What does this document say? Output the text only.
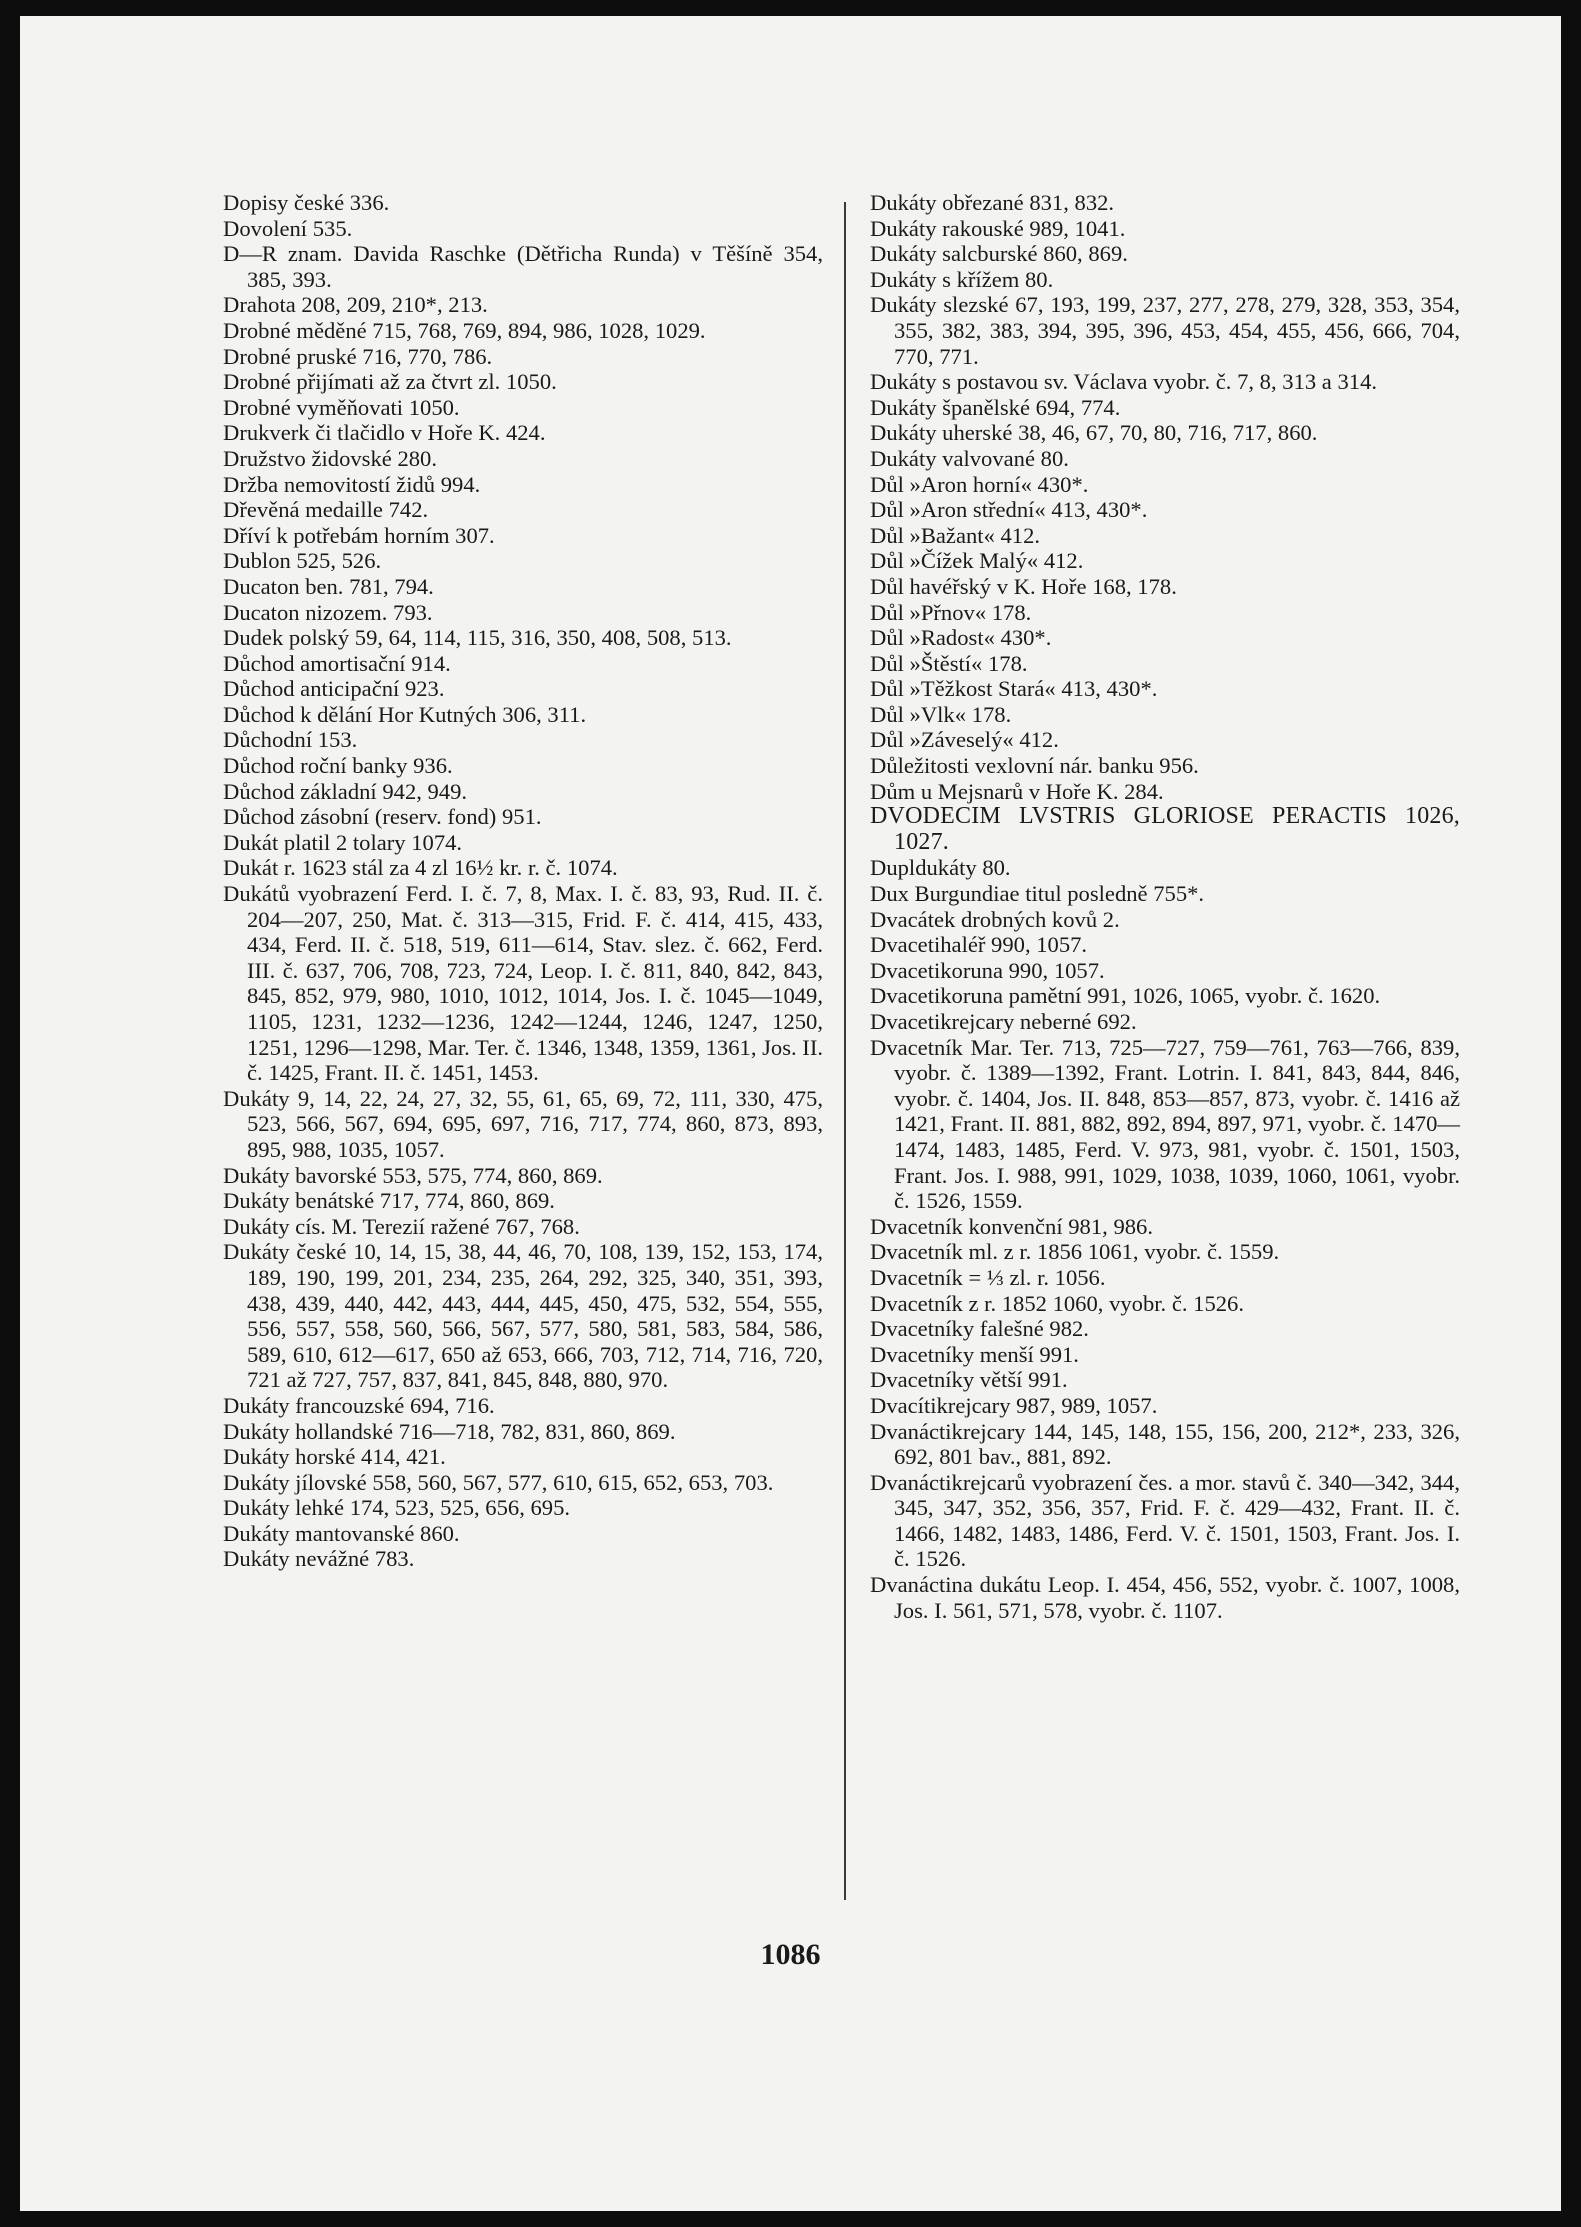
Dopisy české 336.

Dovolení 535.

D—R znam. Davida Raschke (Dětřicha Runda) v Těšíně 354, 385, 393.

Drahota 208, 209, 210*, 213.

Drobné měděné 715, 768, 769, 894, 986, 1028, 1029.

Drobné pruské 716, 770, 786.

Drobné přijímati až za čtvrt zl. 1050.

Drobné vyměňovati 1050.

Drukverk či tlačidlo v Hoře K. 424.

Družstvo židovské 280.

Držba nemovitostí židů 994.

Dřevěná medaille 742.

Dříví k potřebám horním 307.

Dublon 525, 526.

Ducaton ben. 781, 794.

Ducaton nizozem. 793.

Dudek polský 59, 64, 114, 115, 316, 350, 408, 508, 513.

Důchod amortisační 914.

Důchod anticipační 923.

Důchod k dělání Hor Kutných 306, 311.

Důchodní 153.

Důchod roční banky 936.

Důchod základní 942, 949.

Důchod zásobní (reserv. fond) 951.

Dukát platil 2 tolary 1074.

Dukát r. 1623 stál za 4 zl 16½ kr. r. č. 1074.

Dukátů vyobrazení Ferd. I. č. 7, 8, Max. I. č. 83, 93, Rud. II. č. 204—207, 250, Mat. č. 313—315, Frid. F. č. 414, 415, 433, 434, Ferd. II. č. 518, 519, 611—614, Stav. slez. č. 662, Ferd. III. č. 637, 706, 708, 723, 724, Leop. I. č. 811, 840, 842, 843, 845, 852, 979, 980, 1010, 1012, 1014, Jos. I. č. 1045—1049, 1105, 1231, 1232—1236, 1242—1244, 1246, 1247, 1250, 1251, 1296—1298, Mar. Ter. č. 1346, 1348, 1359, 1361, Jos. II. č. 1425, Frant. II. č. 1451, 1453.

Dukáty 9, 14, 22, 24, 27, 32, 55, 61, 65, 69, 72, 111, 330, 475, 523, 566, 567, 694, 695, 697, 716, 717, 774, 860, 873, 893, 895, 988, 1035, 1057.

Dukáty bavorské 553, 575, 774, 860, 869.

Dukáty benátské 717, 774, 860, 869.

Dukáty cís. M. Terezií ražené 767, 768.

Dukáty české 10, 14, 15, 38, 44, 46, 70, 108, 139, 152, 153, 174, 189, 190, 199, 201, 234, 235, 264, 292, 325, 340, 351, 393, 438, 439, 440, 442, 443, 444, 445, 450, 475, 532, 554, 555, 556, 557, 558, 560, 566, 567, 577, 580, 581, 583, 584, 586, 589, 610, 612—617, 650 až 653, 666, 703, 712, 714, 716, 720, 721 až 727, 757, 837, 841, 845, 848, 880, 970.

Dukáty francouzské 694, 716.

Dukáty hollandské 716—718, 782, 831, 860, 869.

Dukáty horské 414, 421.

Dukáty jílovské 558, 560, 567, 577, 610, 615, 652, 653, 703.

Dukáty lehké 174, 523, 525, 656, 695.

Dukáty mantovanské 860.

Dukáty nevážné 783.

Dukáty obřezané 831, 832.

Dukáty rakouské 989, 1041.

Dukáty salcburské 860, 869.

Dukáty s křížem 80.

Dukáty slezské 67, 193, 199, 237, 277, 278, 279, 328, 353, 354, 355, 382, 383, 394, 395, 396, 453, 454, 455, 456, 666, 704, 770, 771.

Dukáty s postavou sv. Václava vyobr. č. 7, 8, 313 a 314.

Dukáty španělské 694, 774.

Dukáty uherské 38, 46, 67, 70, 80, 716, 717, 860.

Dukáty valvované 80.

Důl »Aron horní« 430*.

Důl »Aron střední« 413, 430*.

Důl »Bažant« 412.

Důl »Čížek Malý« 412.

Důl havéřský v K. Hoře 168, 178.

Důl »Přnov« 178.

Důl »Radost« 430*.

Důl »Štěstí« 178.

Důl »Těžkost Stará« 413, 430*.

Důl »Vlk« 178.

Důl »Záveselý« 412.

Důležitosti vexlovní nár. banku 956.

Dům u Mejsnarů v Hoře K. 284.

DVODECIM LVSTRIS GLORIOSE PERACTIS 1026, 1027.

Dupldukáty 80.

Dux Burgundiae titul posledně 755*.

Dvacátek drobných kovů 2.

Dvacetihaléř 990, 1057.

Dvacetikoruna 990, 1057.

Dvacetikoruna pamětní 991, 1026, 1065, vyobr. č. 1620.

Dvacetikrejcary neberné 692.

Dvacetník Mar. Ter. 713, 725—727, 759—761, 763—766, 839, vyobr. č. 1389—1392, Frant. Lotrin. I. 841, 843, 844, 846, vyobr. č. 1404, Jos. II. 848, 853—857, 873, vyobr. č. 1416 až 1421, Frant. II. 881, 882, 892, 894, 897, 971, vyobr. č. 1470—1474, 1483, 1485, Ferd. V. 973, 981, vyobr. č. 1501, 1503, Frant. Jos. I. 988, 991, 1029, 1038, 1039, 1060, 1061, vyobr. č. 1526, 1559.

Dvacetník konvenční 981, 986.

Dvacetník ml. z r. 1856 1061, vyobr. č. 1559.

Dvacetník = ⅓ zl. r. 1056.

Dvacetník z r. 1852 1060, vyobr. č. 1526.

Dvacetníky falešné 982.

Dvacetníky menší 991.

Dvacetníky větší 991.

Dvacítikrejcary 987, 989, 1057.

Dvanáctikrejcary 144, 145, 148, 155, 156, 200, 212*, 233, 326, 692, 801 bav., 881, 892.

Dvanáctikrejcarů vyobrazení čes. a mor. stavů č. 340—342, 344, 345, 347, 352, 356, 357, Frid. F. č. 429—432, Frant. II. č. 1466, 1482, 1483, 1486, Ferd. V. č. 1501, 1503, Frant. Jos. I. č. 1526.

Dvanáctina dukátu Leop. I. 454, 456, 552, vyobr. č. 1007, 1008, Jos. I. 561, 571, 578, vyobr. č. 1107.

1086
